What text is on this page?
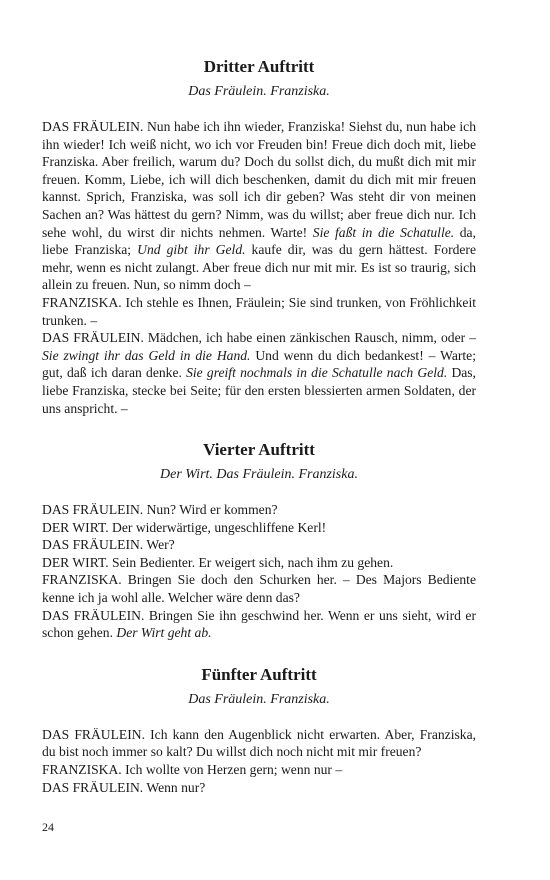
Dritter Auftritt

Das Fräulein. Franziska.

DAS FRÄULEIN. Nun habe ich ihn wieder, Franziska! Siehst du, nun habe ich ihn wieder! Ich weiß nicht, wo ich vor Freuden bin! Freue dich doch mit, liebe Franziska. Aber freilich, warum du? Doch du sollst dich, du mußt dich mit mir freuen. Komm, Liebe, ich will dich beschenken, damit du dich mit mir freuen kannst. Sprich, Franziska, was soll ich dir geben? Was steht dir von meinen Sachen an? Was hättest du gern? Nimm, was du willst; aber freue dich nur. Ich sehe wohl, du wirst dir nichts nehmen. Warte! Sie faßt in die Schatulle. da, liebe Franziska; Und gibt ihr Geld. kaufe dir, was du gern hättest. Fordere mehr, wenn es nicht zulangt. Aber freue dich nur mit mir. Es ist so traurig, sich allein zu freuen. Nun, so nimm doch –

FRANZISKA. Ich stehle es Ihnen, Fräulein; Sie sind trunken, von Fröhlichkeit trunken. –

DAS FRÄULEIN. Mädchen, ich habe einen zänkischen Rausch, nimm, oder – Sie zwingt ihr das Geld in die Hand. Und wenn du dich bedankest! – Warte; gut, daß ich daran denke. Sie greift nochmals in die Schatulle nach Geld. Das, liebe Franziska, stecke bei Seite; für den ersten blessierten armen Soldaten, der uns anspricht. –

Vierter Auftritt

Der Wirt. Das Fräulein. Franziska.

DAS FRÄULEIN. Nun? Wird er kommen?

DER WIRT. Der widerwärtige, ungeschliffene Kerl!

DAS FRÄULEIN. Wer?

DER WIRT. Sein Bedienter. Er weigert sich, nach ihm zu gehen.

FRANZISKA. Bringen Sie doch den Schurken her. – Des Majors Bediente kenne ich ja wohl alle. Welcher wäre denn das?

DAS FRÄULEIN. Bringen Sie ihn geschwind her. Wenn er uns sieht, wird er schon gehen. Der Wirt geht ab.

Fünfter Auftritt

Das Fräulein. Franziska.

DAS FRÄULEIN. Ich kann den Augenblick nicht erwarten. Aber, Franziska, du bist noch immer so kalt? Du willst dich noch nicht mit mir freuen?

FRANZISKA. Ich wollte von Herzen gern; wenn nur –

DAS FRÄULEIN. Wenn nur?

24
